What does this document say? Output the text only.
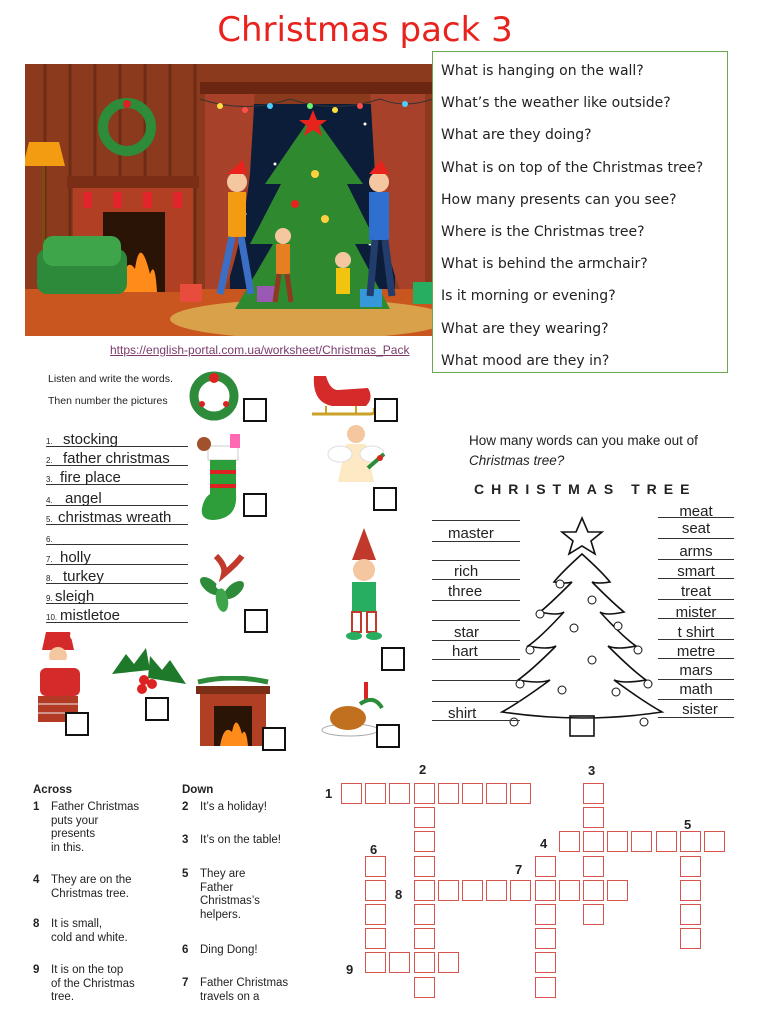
Christmas pack 3
What is hanging on the wall?
What’s the weather like outside?
What are they doing?
What is on top of the Christmas tree?
How many presents can you see?
Where is the Christmas tree?
What is behind the armchair?
Is it morning or evening?
What are they wearing?
What mood are they in?
https://english-portal.com.ua/worksheet/Christmas_Pack
Listen and write the words.
Then number the pictures
1. stocking
2. father christmas
3. fire place
4. angel
5. christmas wreath
6.
7. holly
8. turkey
9. sleigh
10. mistletoe
How many words can you make out of
Christmas tree?
CHRISTMAS TREE
master
rich
three
star
hart
shirt
meat
seat
arms
smart
treat
mister
t shirt
metre
mars
math
sister
Across	Down
1 Father Christmas
puts your
presents
in this.
4 They are on the
Christmas tree.
8 It is small,
cold and white.
9 It is on the top
of the Christmas
tree.
2 It’s a holiday!
3 It’s on the table!
5 They are
Father
Christmas’s
helpers.
6 Ding Dong!
7 Father Christmas
travels on a
1
2	3
4
5
6
7
8
9
